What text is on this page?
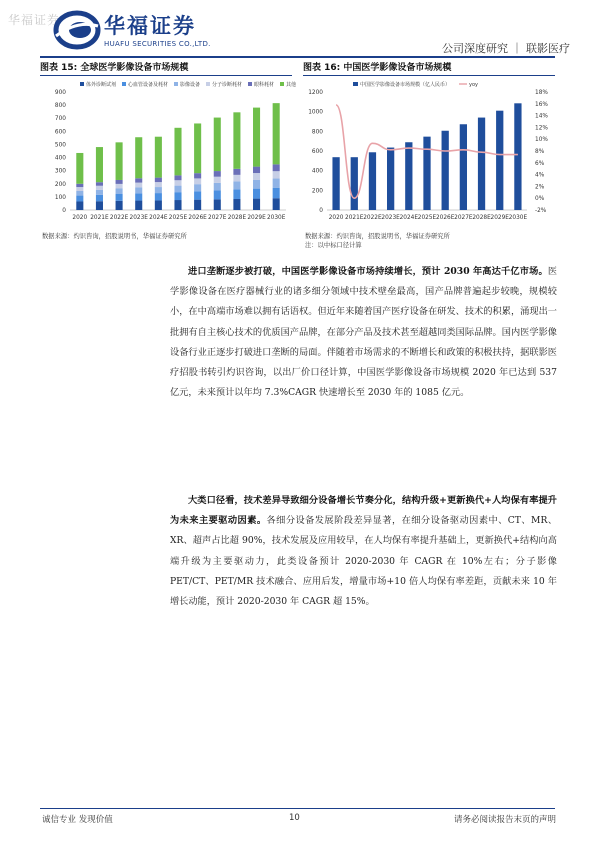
华福证券 华福证券
HUAFU SECURITIES CO.,LTD.	公司深度研究 ｜ 联影医疗
图表 15: 全球医学影像设备市场规模
0
100
200
300
400
500
600
700
800
900
2020 2021E 2022E 2023E 2024E 2025E 2026E 2027E 2028E 2029E 2030E
体外诊断试剂 心血管设备及耗材 影像设备 分子诊断耗材 眼科耗材 其他
数据来源：灼识咨询，招股说明书，华福证券研究所
图表 16: 中国医学影像设备市场规模
0
200
400
600
800
1000
1200
-2%
0%
2%
4%
6%
8%
10%
12%
14%
16%
18%
2020 2021E 2022E 2023E 2024E 2025E 2026E 2027E 2028E 2029E 2030E
中国医学影像设备市场规模（亿人民币）	yoy
数据来源：灼识咨询，招股说明书，华福证券研究所
注：以中标口径计算
进口垄断逐步被打破，中国医学影像设备市场持续增长，预计 2030 年高达千亿市场。医学影像设备在医疗器械行业的诸多细分领域中技术壁垒最高，国产品牌普遍起步较晚，规模较小，在中高端市场难以拥有话语权。但近年来随着国产医疗设备在研发、技术的积累，涌现出一批拥有自主核心技术的优质国产品牌，在部分产品及技术甚至超越同类国际品牌。国内医学影像设备行业正逐步打破进口垄断的局面。伴随着市场需求的不断增长和政策的积极扶持，据联影医疗招股书转引灼识咨询，以出厂价口径计算，中国医学影像设备市场规模 2020 年已达到 537 亿元，未来预计以年均 7.3%CAGR 快速增长至 2030 年的 1085 亿元。
大类口径看，技术差异导致细分设备增长节奏分化，结构升级+更新换代+人均保有率提升为未来主要驱动因素。各细分设备发展阶段差异显著，在细分设备驱动因素中、CT、MR、XR、超声占比超 90%，技术发展及应用较早，在人均保有率提升基础上，更新换代+结构向高端升级为主要驱动力，此类设备预计 2020-2030 年 CAGR 在 10%左右；分子影像 PET/CT、PET/MR 技术融合、应用后发，增量市场+10 倍人均保有率差距，贡献未来 10 年增长动能，预计 2020-2030 年 CAGR 超 15%。
诚信专业 发现价值	10	请务必阅读报告末页的声明
